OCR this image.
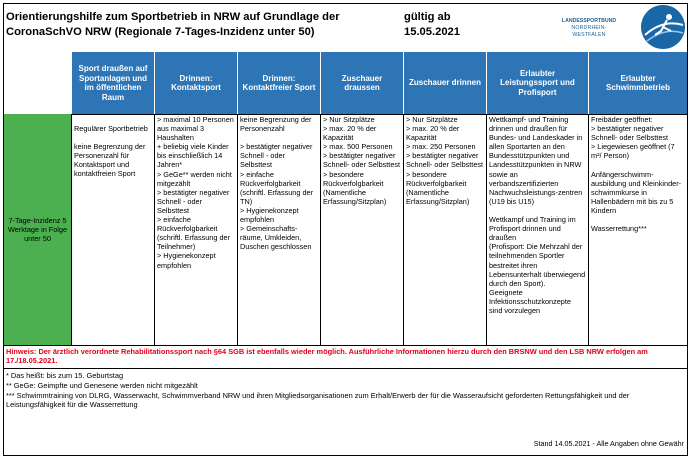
Orientierungshilfe zum Sportbetrieb in NRW auf Grundlage der CoronaSchVO NRW (Regionale 7-Tages-Inzidenz unter 50)
gültig ab
15.05.2021
LANDESSPORTBUND
NORDRHEIN-WESTFALEN
Sport draußen auf Sportanlagen und im öffentlichen Raum
Drinnen: Kontaktsport
Drinnen: Kontaktfreier Sport
Zuschauer draussen
Zuschauer drinnen
Erlaubter Leistungssport und Profisport
Erlaubter Schwimmbetrieb
7-Tage-Inzidenz 5 Werktage in Folge unter 50
Regulärer Sportbetrieb

keine Begrenzung der Personenzahl für Kontaktsport und kontaktfreien Sport
> maximal 10 Personen
aus maximal 3 Haushalten
+ beliebig viele Kinder bis einschließlich 14 Jahren*
> GeGe** werden nicht mitgezählt
> bestätigter negativer Schnell - oder Selbsttest
> einfache Rückverfolgbarkeit (schriftl. Erfassung der Teilnehmer)
> Hygienekonzept empfohlen
keine Begrenzung der Personenzahl

> bestätigter negativer Schnell - oder Selbsttest
> einfache Rückverfolgbarkeit (schriftl. Erfassung der TN)
> Hygienekonzept empfohlen
> Gemeinschafts-räume, Umkleiden, Duschen geschlossen
> Nur Sitzplätze
> max. 20 % der Kapazität
> max. 500 Personen
> bestätigter negativer Schnell- oder Selbsttest
> besondere Rückverfolgbarkeit (Namentliche Erfassung/Sitzplan)
> Nur Sitzplätze
> max. 20 % der Kapazität
> max. 250 Personen
> bestätigter negativer Schnell- oder Selbsttest
> besondere Rückverfolgbarkeit (Namentliche Erfassung/Sitzplan)
Wettkampf- und Training drinnen und draußen für Bundes- und Landeskader in allen Sportarten an den Bundesstützpunkten und Landesstützpunkten in NRW sowie an verbandszertifizierten Nachwuchsleistungs-zentren (U19 bis U15)

Wettkampf und Training im Profisport drinnen und draußen
(Profisport: Die Mehrzahl der teilnehmenden Sportler bestreitet ihren Lebensunterhalt überwiegend durch den Sport).
Geeignete Infektionsschutzkonzepte sind vorzulegen
Freibäder geöffnet:
> bestätigter negativer Schnell- oder Selbsttest
> Liegewiesen geöffnet (7 m²/ Person)

Anfängerschwimm-ausbildung und Kleinkinder-schwimmkurse in Hallenbädern mit bis zu 5 Kindern

Wasserrettung***
Hinweis: Der ärztlich verordnete Rehabilitationssport nach §64 SGB ist ebenfalls wieder möglich. Ausführliche Informationen hierzu durch den BRSNW und den LSB NRW erfolgen am 17./18.05.2021.
* Das heißt: bis zum 15. Geburtstag
** GeGe: Geimpfte und Genesene werden nicht mitgezählt
*** Schwimmtraining von DLRG, Wasserwacht, Schwimmverband NRW und ihren Mitgliedsorganisationen zum Erhalt/Erwerb der für die Wasseraufsicht geforderten Rettungsfähigkeit und der Leistungsfähigkeit für die Wasserrettung
Stand 14.05.2021 - Alle Angaben ohne Gewähr
